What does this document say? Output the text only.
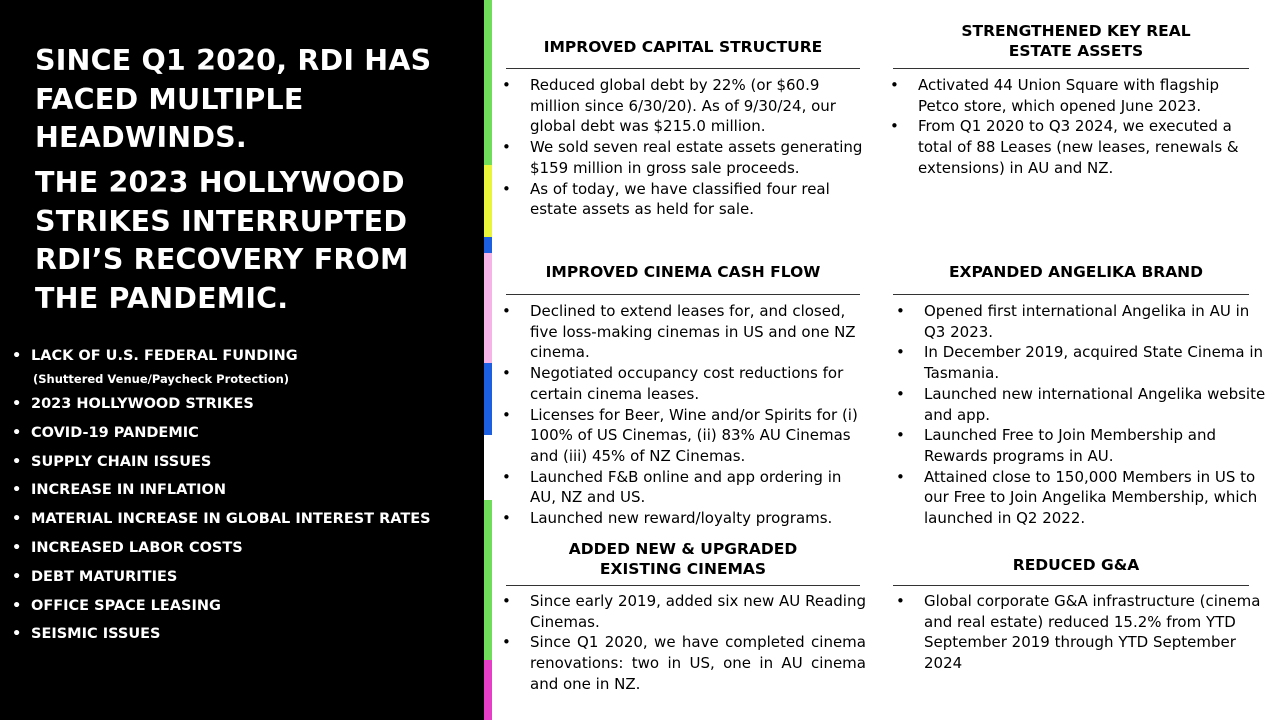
SINCE Q1 2020, RDI HAS FACED MULTIPLE HEADWINDS.
THE 2023 HOLLYWOOD STRIKES INTERRUPTED RDI’S RECOVERY FROM THE PANDEMIC.
• LACK OF U.S. FEDERAL FUNDING
(Shuttered Venue/Paycheck Protection)
• 2023 HOLLYWOOD STRIKES
• COVID-19 PANDEMIC
• SUPPLY CHAIN ISSUES
• INCREASE IN INFLATION
• MATERIAL INCREASE IN GLOBAL INTEREST RATES
• INCREASED LABOR COSTS
• DEBT MATURITIES
• OFFICE SPACE LEASING
• SEISMIC ISSUES
IMPROVED CAPITAL STRUCTURE
• Reduced global debt by 22% (or $60.9 million since 6/30/20). As of 9/30/24, our global debt was $215.0 million.
• We sold seven real estate assets generating $159 million in gross sale proceeds.
• As of today, we have classified four real estate assets as held for sale.
STRENGTHENED KEY REAL
ESTATE ASSETS
• Activated 44 Union Square with flagship Petco store, which opened June 2023.
• From Q1 2020 to Q3 2024, we executed a total of 88 Leases (new leases, renewals & extensions) in AU and NZ.
IMPROVED CINEMA CASH FLOW
• Declined to extend leases for, and closed, five loss-making cinemas in US and one NZ cinema.
• Negotiated occupancy cost reductions for certain cinema leases.
• Licenses for Beer, Wine and/or Spirits for (i) 100% of US Cinemas, (ii) 83% AU Cinemas and (iii) 45% of NZ Cinemas.
• Launched F&B online and app ordering in AU, NZ and US.
• Launched new reward/loyalty programs.
EXPANDED ANGELIKA BRAND
• Opened first international Angelika in AU in Q3 2023.
• In December 2019, acquired State Cinema in Tasmania.
• Launched new international Angelika website and app.
• Launched Free to Join Membership and Rewards programs in AU.
• Attained close to 150,000 Members in US to our Free to Join Angelika Membership, which launched in Q2 2022.
ADDED NEW & UPGRADED
EXISTING CINEMAS
• Since early 2019, added six new AU Reading Cinemas.
• Since Q1 2020, we have completed cinema renovations: two in US, one in AU cinema and one in NZ.
REDUCED G&A
• Global corporate G&A infrastructure (cinema and real estate) reduced 15.2% from YTD September 2019 through YTD September 2024
